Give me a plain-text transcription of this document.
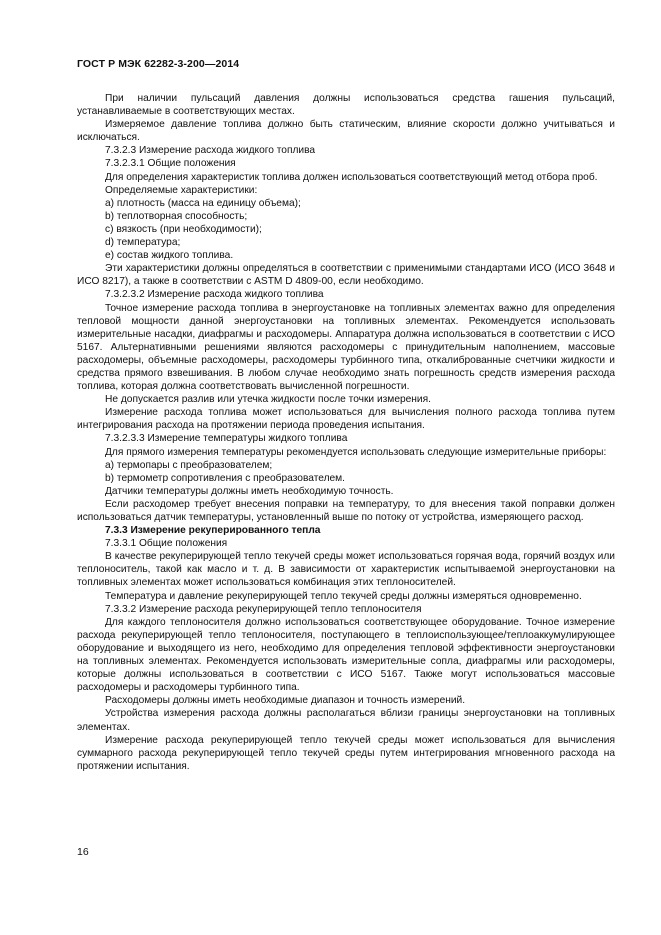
ГОСТ Р МЭК 62282-3-200—2014

При наличии пульсаций давления должны использоваться средства гашения пульсаций, устанавливаемые в соответствующих местах.

Измеряемое давление топлива должно быть статическим, влияние скорости должно учитываться и исключаться.

7.3.2.3 Измерение расхода жидкого топлива

7.3.2.3.1 Общие положения

Для определения характеристик топлива должен использоваться соответствующий метод отбора проб.

Определяемые характеристики:

a) плотность (масса на единицу объема);

b) теплотворная способность;

c) вязкость (при необходимости);

d) температура;

e) состав жидкого топлива.

Эти характеристики должны определяться в соответствии с применимыми стандартами ИСО (ИСО 3648 и ИСО 8217), а также в соответствии с ASTM D 4809-00, если необходимо.

7.3.2.3.2 Измерение расхода жидкого топлива

Точное измерение расхода топлива в энергоустановке на топливных элементах важно для определения тепловой мощности данной энергоустановки на топливных элементах. Рекомендуется использовать измерительные насадки, диафрагмы и расходомеры. Аппаратура должна использоваться в соответствии с ИСО 5167. Альтернативными решениями являются расходомеры с принудительным наполнением, массовые расходомеры, объемные расходомеры, расходомеры турбинного типа, откалиброванные счетчики жидкости и средства прямого взвешивания. В любом случае необходимо знать погрешность средств измерения расхода топлива, которая должна соответствовать вычисленной погрешности.

Не допускается разлив или утечка жидкости после точки измерения.

Измерение расхода топлива может использоваться для вычисления полного расхода топлива путем интегрирования расхода на протяжении периода проведения испытания.

7.3.2.3.3 Измерение температуры жидкого топлива

Для прямого измерения температуры рекомендуется использовать следующие измерительные приборы:

a) термопары с преобразователем;

b) термометр сопротивления с преобразователем.

Датчики температуры должны иметь необходимую точность.

Если расходомер требует внесения поправки на температуру, то для внесения такой поправки должен использоваться датчик температуры, установленный выше по потоку от устройства, измеряющего расход.

7.3.3 Измерение рекуперированного тепла

7.3.3.1 Общие положения

В качестве рекуперирующей тепло текучей среды может использоваться горячая вода, горячий воздух или теплоноситель, такой как масло и т. д. В зависимости от характеристик испытываемой энергоустановки на топливных элементах может использоваться комбинация этих теплоносителей.

Температура и давление рекуперирующей тепло текучей среды должны измеряться одновременно.

7.3.3.2 Измерение расхода рекуперирующей тепло теплоносителя

Для каждого теплоносителя должно использоваться соответствующее оборудование. Точное измерение расхода рекуперирующей тепло теплоносителя, поступающего в теплоиспользующее/теплоаккумулирующее оборудование и выходящего из него, необходимо для определения тепловой эффективности энергоустановки на топливных элементах. Рекомендуется использовать измерительные сопла, диафрагмы или расходомеры, которые должны использоваться в соответствии с ИСО 5167. Также могут использоваться массовые расходомеры и расходомеры турбинного типа.

Расходомеры должны иметь необходимые диапазон и точность измерений.

Устройства измерения расхода должны располагаться вблизи границы энергоустановки на топливных элементах.

Измерение расхода рекуперирующей тепло текучей среды может использоваться для вычисления суммарного расхода рекуперирующей тепло текучей среды путем интегрирования мгновенного расхода на протяжении испытания.

16
